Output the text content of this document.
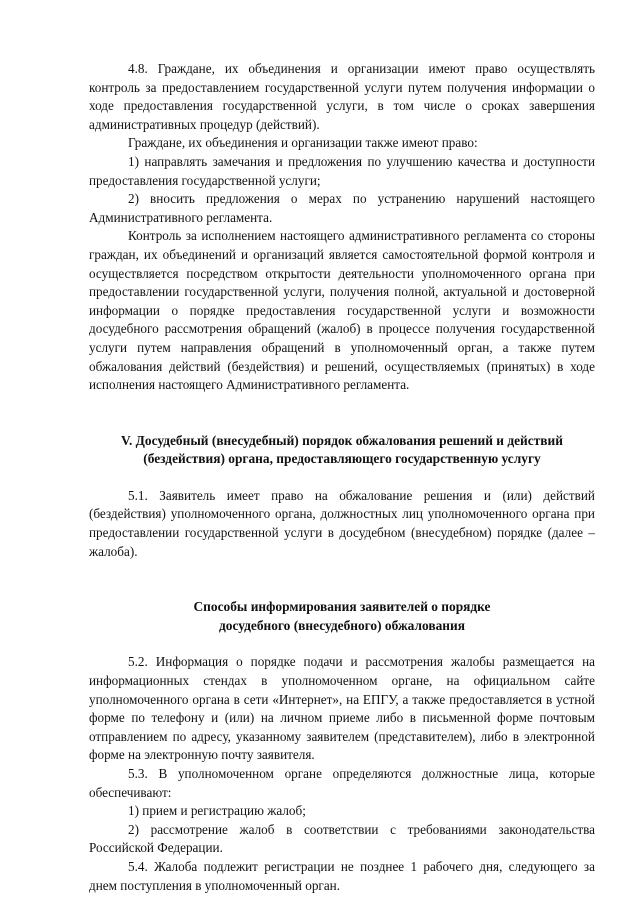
4.8. Граждане, их объединения и организации имеют право осуществлять контроль за предоставлением государственной услуги путем получения информации о ходе предоставления государственной услуги, в том числе о сроках завершения административных процедур (действий).

Граждане, их объединения и организации также имеют право:

1) направлять замечания и предложения по улучшению качества и доступности предоставления государственной услуги;

2) вносить предложения о мерах по устранению нарушений настоящего Административного регламента.

Контроль за исполнением настоящего административного регламента со стороны граждан, их объединений и организаций является самостоятельной формой контроля и осуществляется посредством открытости деятельности уполномоченного органа при предоставлении государственной услуги, получения полной, актуальной и достоверной информации о порядке предоставления государственной услуги и возможности досудебного рассмотрения обращений (жалоб) в процессе получения государственной услуги путем направления обращений в уполномоченный орган, а также путем обжалования действий (бездействия) и решений, осуществляемых (принятых) в ходе исполнения настоящего Административного регламента.

V. Досудебный (внесудебный) порядок обжалования решений и действий

(бездействия) органа, предоставляющего государственную услугу

5.1. Заявитель имеет право на обжалование решения и (или) действий (бездействия) уполномоченного органа, должностных лиц уполномоченного органа при предоставлении государственной услуги в досудебном (внесудебном) порядке (далее – жалоба).

Способы информирования заявителей о порядке

досудебного (внесудебного) обжалования

5.2. Информация о порядке подачи и рассмотрения жалобы размещается на информационных стендах в уполномоченном органе, на официальном сайте уполномоченного органа в сети «Интернет», на ЕПГУ, а также предоставляется в устной форме по телефону и (или) на личном приеме либо в письменной форме почтовым отправлением по адресу, указанному заявителем (представителем), либо в электронной форме на электронную почту заявителя.

5.3. В уполномоченном органе определяются должностные лица, которые обеспечивают:

1) прием и регистрацию жалоб;

2) рассмотрение жалоб в соответствии с требованиями законодательства Российской Федерации.

5.4. Жалоба подлежит регистрации не позднее 1 рабочего дня, следующего за днем поступления в уполномоченный орган.
